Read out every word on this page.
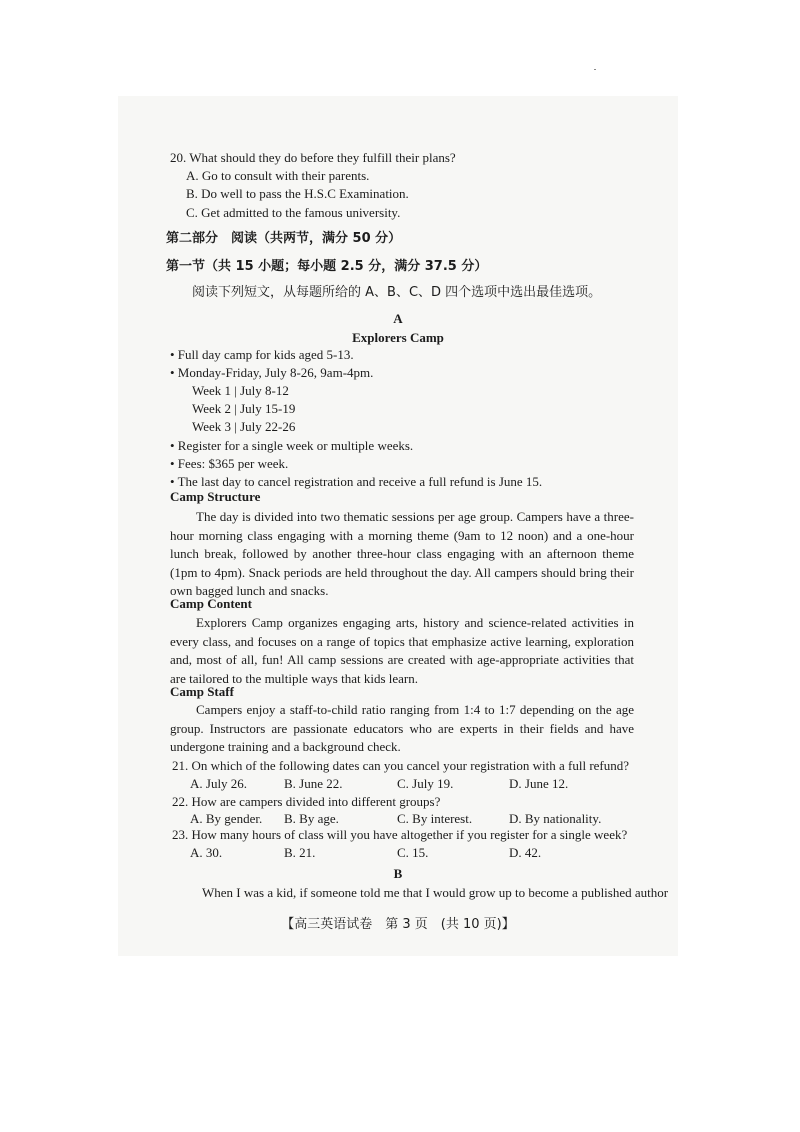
20. What should they do before they fulfill their plans?
A. Go to consult with their parents.
B. Do well to pass the H.S.C Examination.
C. Get admitted to the famous university.
第二部分　阅读（共两节，满分 50 分）
第一节（共 15 小题；每小题 2.5 分，满分 37.5 分）
阅读下列短文，从每题所给的 A、B、C、D 四个选项中选出最佳选项。
A
Explorers Camp
• Full day camp for kids aged 5-13.
• Monday-Friday, July 8-26, 9am-4pm.
Week 1 | July 8-12
Week 2 | July 15-19
Week 3 | July 22-26
• Register for a single week or multiple weeks.
• Fees: $365 per week.
• The last day to cancel registration and receive a full refund is June 15.
Camp Structure

The day is divided into two thematic sessions per age group. Campers have a three-hour morning class engaging with a morning theme (9am to 12 noon) and a one-hour lunch break, followed by another three-hour class engaging with an afternoon theme (1pm to 4pm). Snack periods are held throughout the day. All campers should bring their own bagged lunch and snacks.

Camp Content

Explorers Camp organizes engaging arts, history and science-related activities in every class, and focuses on a range of topics that emphasize active learning, exploration and, most of all, fun! All camp sessions are created with age-appropriate activities that are tailored to the multiple ways that kids learn.

Camp Staff

Campers enjoy a staff-to-child ratio ranging from 1:4 to 1:7 depending on the age group. Instructors are passionate educators who are experts in their fields and have undergone training and a background check.

21. On which of the following dates can you cancel your registration with a full refund?
A. July 26.	B. June 22.	C. July 19.	D. June 12.
22. How are campers divided into different groups?
A. By gender.	B. By age.	C. By interest.	D. By nationality.
23. How many hours of class will you have altogether if you register for a single week?
A. 30.	B. 21.	C. 15.	D. 42.
B
When I was a kid, if someone told me that I would grow up to become a published author
【高三英语试卷　第 3 页　(共 10 页)】
